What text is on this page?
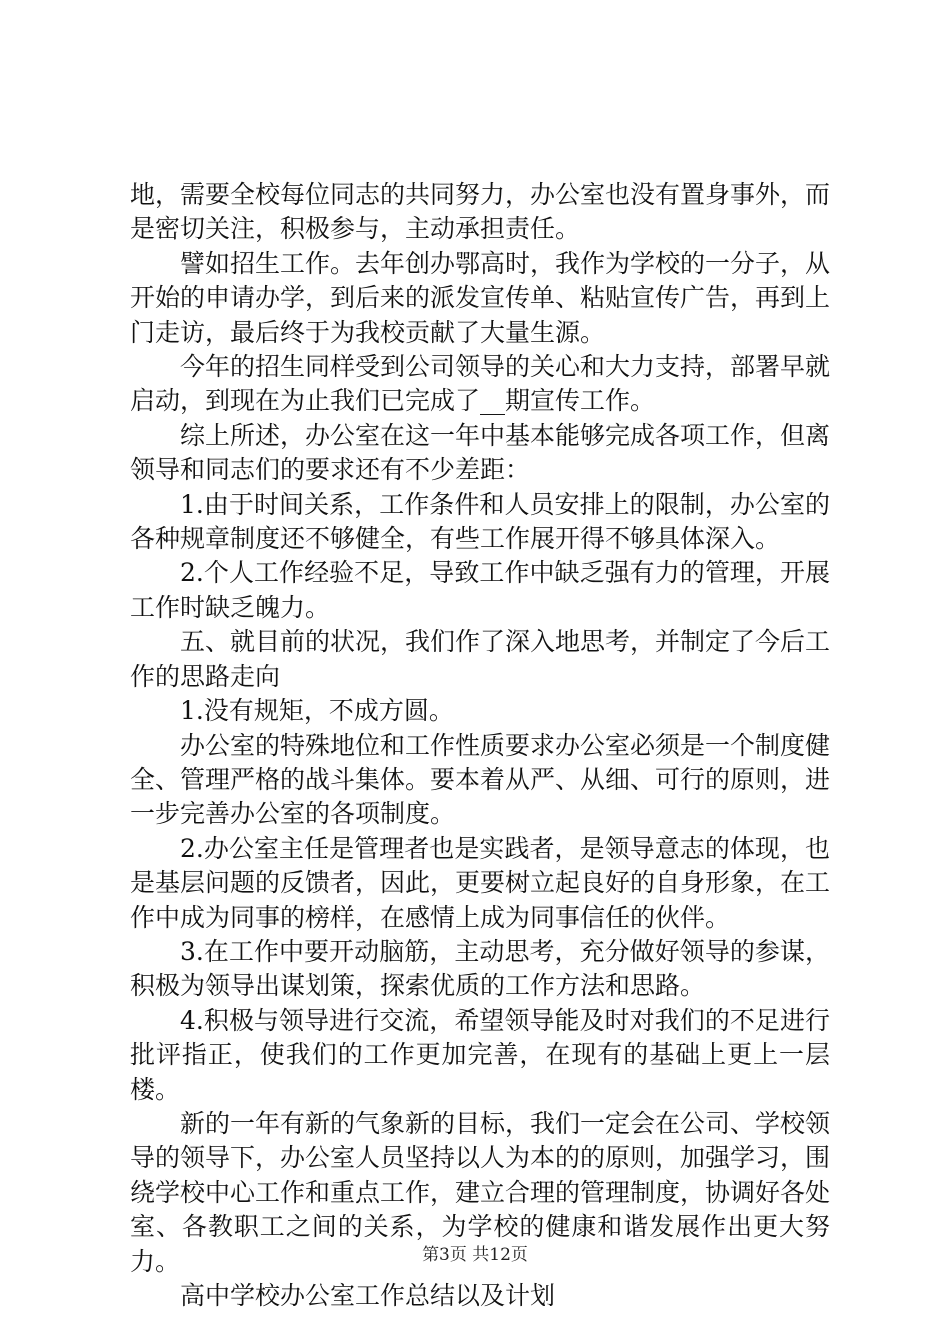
地，需要全校每位同志的共同努力，办公室也没有置身事外，而是密切关注，积极参与，主动承担责任。

譬如招生工作。去年创办鄂高时，我作为学校的一分子，从开始的申请办学，到后来的派发宣传单、粘贴宣传广告，再到上门走访，最后终于为我校贡献了大量生源。

今年的招生同样受到公司领导的关心和大力支持，部署早就启动，到现在为止我们已完成了__期宣传工作。

综上所述，办公室在这一年中基本能够完成各项工作，但离领导和同志们的要求还有不少差距：

1.由于时间关系，工作条件和人员安排上的限制，办公室的各种规章制度还不够健全，有些工作展开得不够具体深入。

2.个人工作经验不足，导致工作中缺乏强有力的管理，开展工作时缺乏魄力。

五、就目前的状况，我们作了深入地思考，并制定了今后工作的思路走向

1.没有规矩，不成方圆。

办公室的特殊地位和工作性质要求办公室必须是一个制度健全、管理严格的战斗集体。要本着从严、从细、可行的原则，进一步完善办公室的各项制度。

2.办公室主任是管理者也是实践者，是领导意志的体现，也是基层问题的反馈者，因此，更要树立起良好的自身形象，在工作中成为同事的榜样，在感情上成为同事信任的伙伴。

3.在工作中要开动脑筋，主动思考，充分做好领导的参谋，积极为领导出谋划策，探索优质的工作方法和思路。

4.积极与领导进行交流，希望领导能及时对我们的不足进行批评指正，使我们的工作更加完善，在现有的基础上更上一层楼。

新的一年有新的气象新的目标，我们一定会在公司、学校领导的领导下，办公室人员坚持以人为本的的原则，加强学习，围绕学校中心工作和重点工作，建立合理的管理制度，协调好各处室、各教职工之间的关系，为学校的健康和谐发展作出更大努力。

高中学校办公室工作总结以及计划

第3页 共12页
